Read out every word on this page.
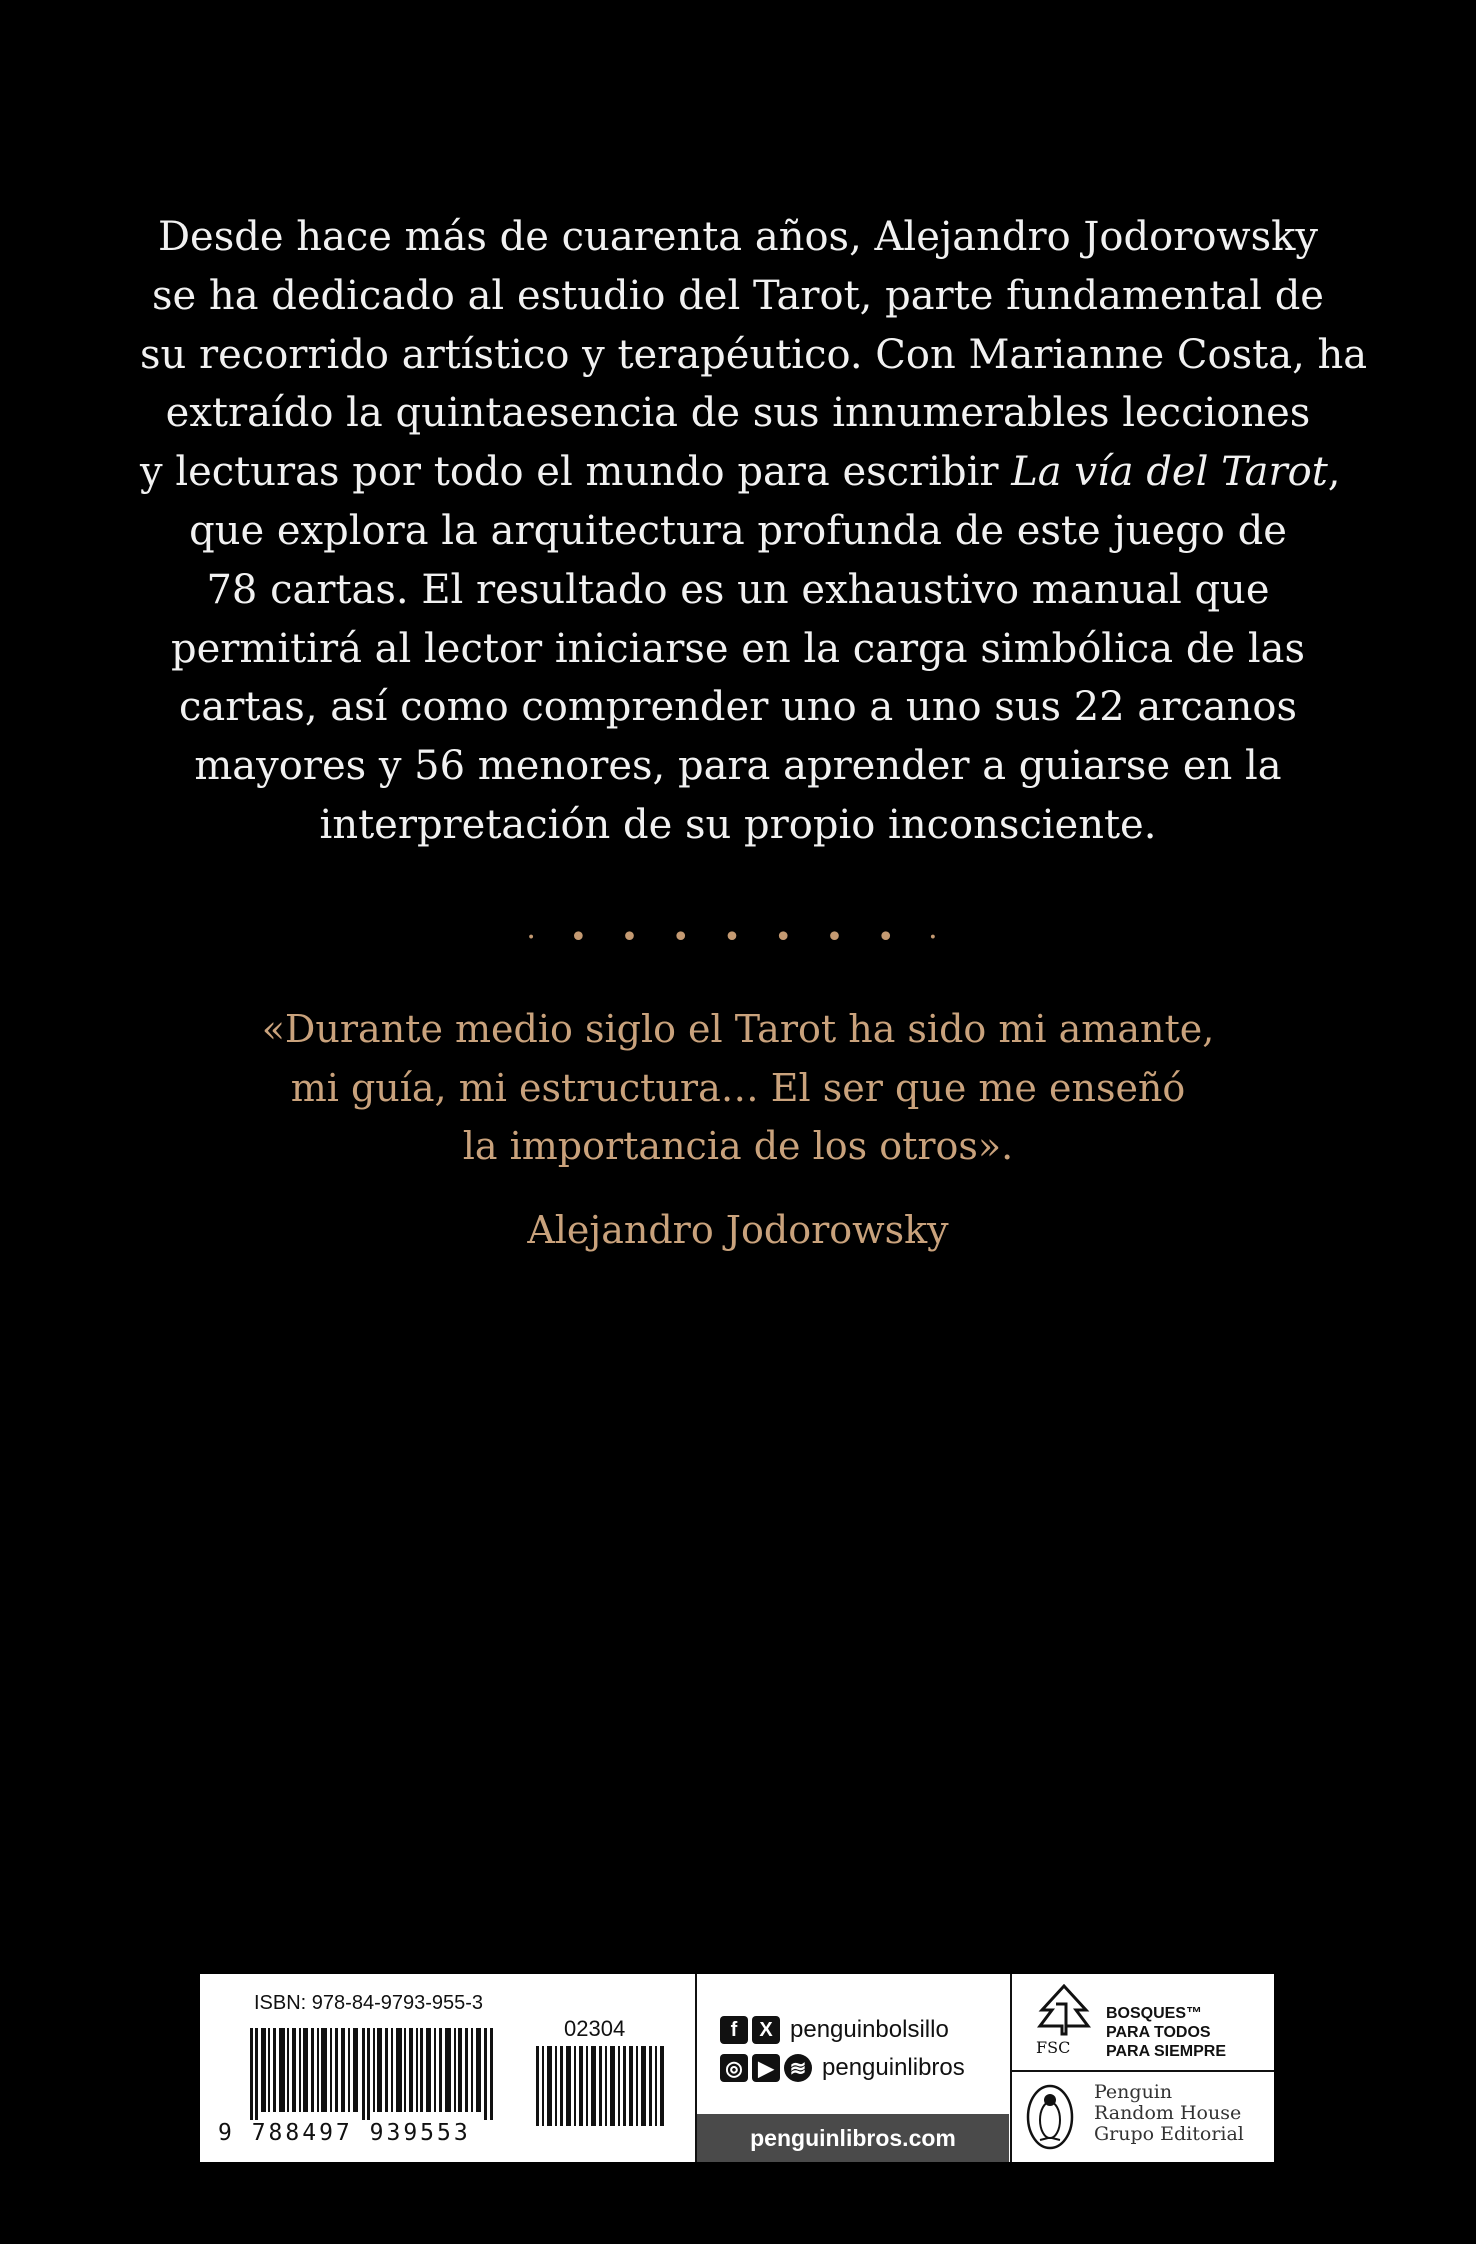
Desde hace más de cuarenta años, Alejandro Jodorowsky
se ha dedicado al estudio del Tarot, parte fundamental de
su recorrido artístico y terapéutico. Con Marianne Costa, ha
extraído la quintaesencia de sus innumerables lecciones
y lecturas por todo el mundo para escribir La vía del Tarot,
que explora la arquitectura profunda de este juego de
78 cartas. El resultado es un exhaustivo manual que
permitirá al lector iniciarse en la carga simbólica de las
cartas, así como comprender uno a uno sus 22 arcanos
mayores y 56 menores, para aprender a guiarse en la
interpretación de su propio inconsciente.
· • • • • • • • ·
«Durante medio siglo el Tarot ha sido mi amante,
mi guía, mi estructura… El ser que me enseñó
la importancia de los otros».
Alejandro Jodorowsky
ISBN: 978-84-9793-955-3
02304
9 788497 939553
f	X penguinbolsillo
◎ ▶ ≋ penguinlibros
penguinlibros.com
FSC
BOSQUES™
PARA TODOS
PARA SIEMPRE
Penguin
Random House
Grupo Editorial
